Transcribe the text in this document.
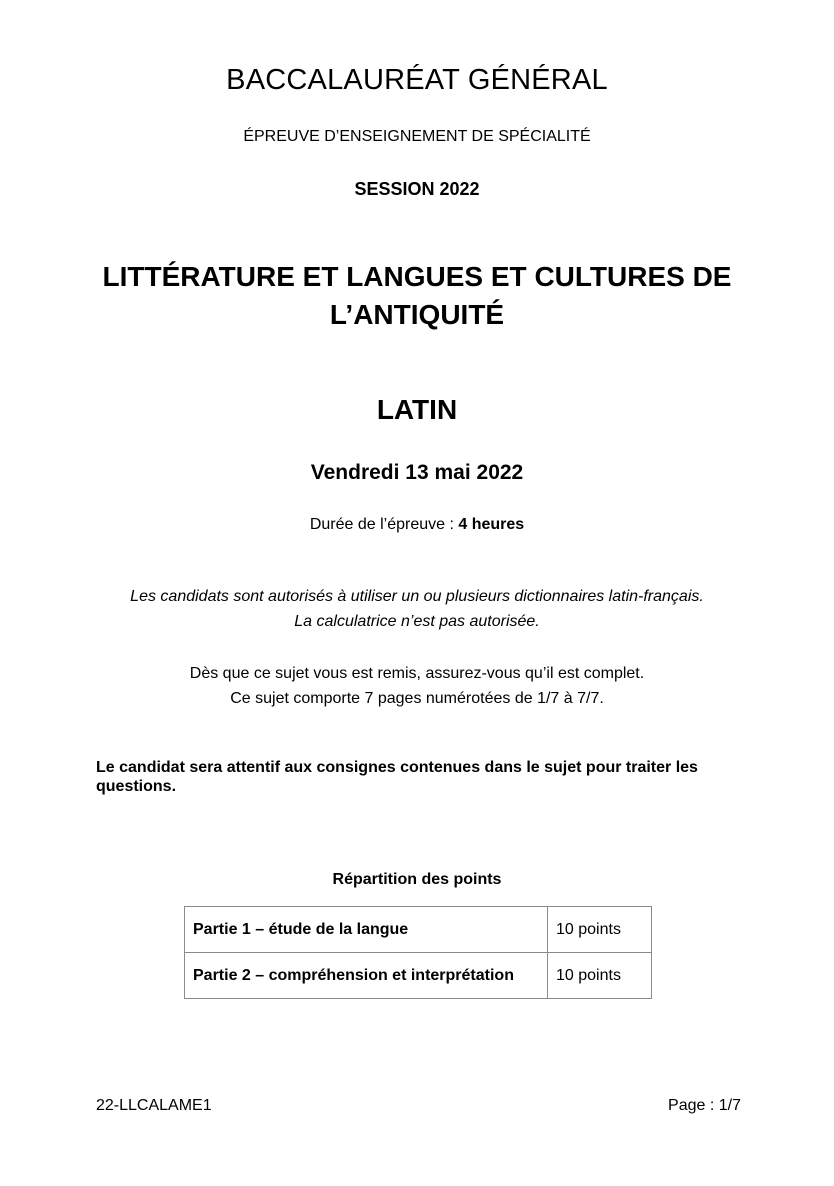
BACCALAURÉAT GÉNÉRAL

ÉPREUVE D’ENSEIGNEMENT DE SPÉCIALITÉ

SESSION 2022

LITTÉRATURE ET LANGUES ET CULTURES DE
L’ANTIQUITÉ
LATIN

Vendredi 13 mai 2022

Durée de l’épreuve : 4 heures

Les candidats sont autorisés à utiliser un ou plusieurs dictionnaires latin-français.
La calculatrice n’est pas autorisée.

Dès que ce sujet vous est remis, assurez-vous qu’il est complet.
Ce sujet comporte 7 pages numérotées de 1/7 à 7/7.

Le candidat sera attentif aux consignes contenues dans le sujet pour traiter les questions.

Répartition des points

Partie 1 – étude de la langue	10 points
Partie 2 – compréhension et interprétation	10 points
22-LLCALAME1	Page : 1/7
